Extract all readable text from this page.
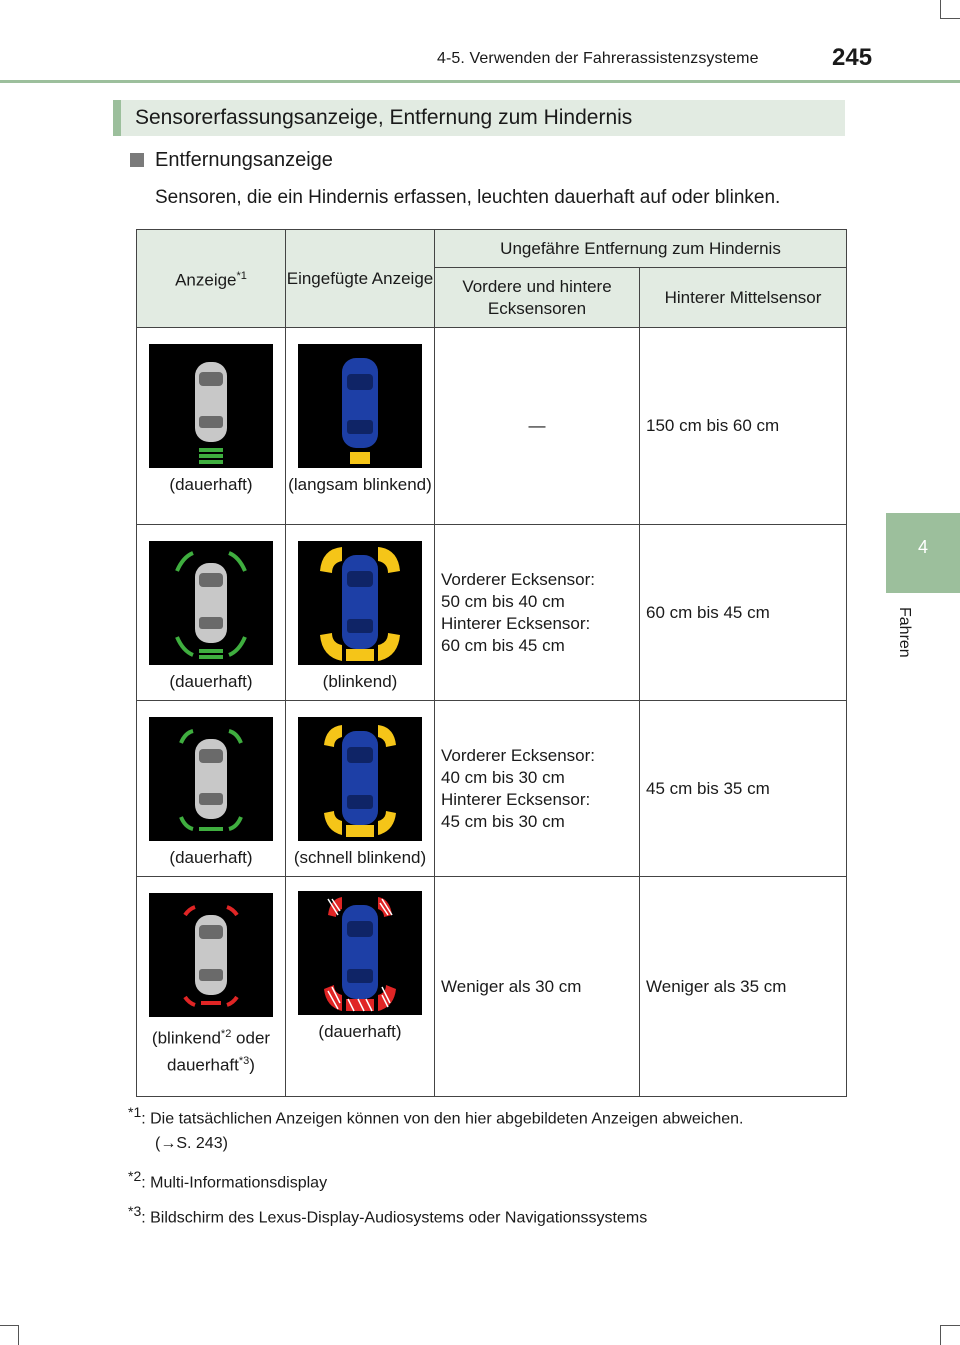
4-5. Verwenden der Fahrerassistenzsysteme	245
4
Fahren
Sensorerfassungsanzeige, Entfernung zum Hindernis
Entfernungsanzeige
Sensoren, die ein Hindernis erfassen, leuchten dauerhaft auf oder blinken.
Anzeige$^{*1}$	Eingefügte Anzeige	Ungefähre Entfernung zum Hindernis	
		Vordere und hintere Ecksensoren	Hinterer Mittelsensor

(dauerhaft)	(langsam blinkend)	—	150 cm bis 60 cm

(dauerhaft)	(blinkend)	Vorderer Ecksensor:
50 cm bis 40 cm
Hinterer Ecksensor:
60 cm bis 45 cm	60 cm bis 45 cm

(dauerhaft)	(schnell blinkend)	Vorderer Ecksensor:
40 cm bis 30 cm
Hinterer Ecksensor:
45 cm bis 30 cm	45 cm bis 35 cm

(blinkend$^{*2}$ oder
dauerhaft$^{*3}$)	(dauerhaft)	Weniger als 30 cm	Weniger als 35 cm
*1: Die tatsächlichen Anzeigen können von den hier abgebildeten Anzeigen abweichen.
(→S. 243)
*2: Multi-Informationsdisplay
*3: Bildschirm des Lexus-Display-Audiosystems oder Navigationssystems
